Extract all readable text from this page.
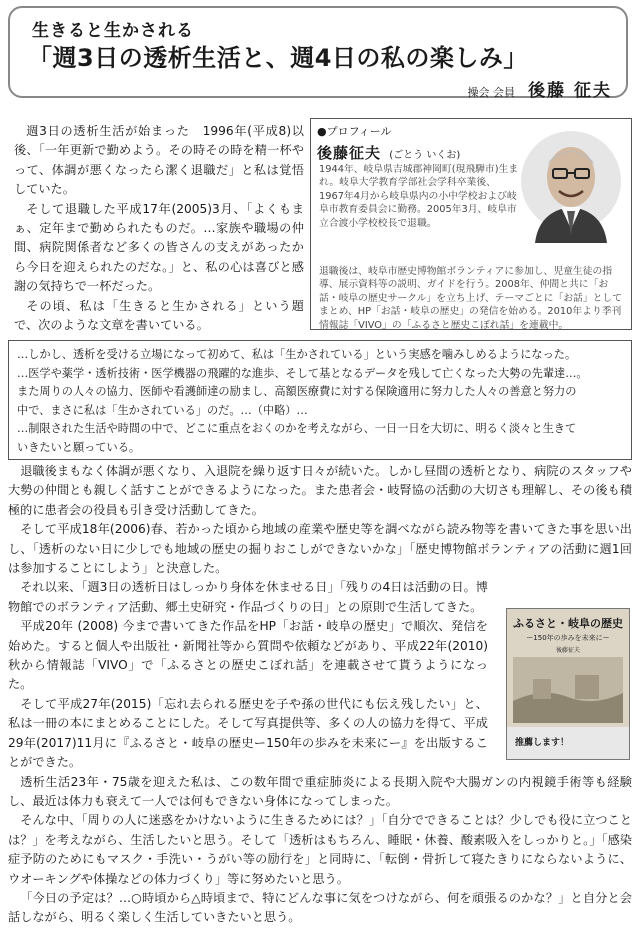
生きると生かされる
「週3日の透析生活と、週4日の私の楽しみ」
操会 会員 後藤 征夫

週3日の透析生活が始まった　1996年(平成8)以後、「一年更新で勤めよう。その時その時を精一杯やって、体調が悪くなったら潔く退職だ」と私は覚悟していた。

そして退職した平成17年(2005)3月、「よくもまぁ、定年まで勤められたものだ。…家族や職場の仲間、病院関係者など多くの皆さんの支えがあったから今日を迎えられたのだな。」と、私の心は喜びと感謝の気持ちで一杯だった。

その頃、私は「生きると生かされる」という題で、次のような文章を書いている。

●プロフィール
後藤征夫 (ごとう いくお)
1944年、岐阜県吉城郡神岡町(現飛騨市)生まれ。岐阜大学教育学部社会学科卒業後、1967年4月から岐阜県内の小中学校および岐阜市教育委員会に勤務。2005年3月、岐阜市立合渡小学校校長で退職。
退職後は、岐阜市歴史博物館ボランティアに参加し、児童生徒の指導、展示資料等の説明、ガイドを行う。2008年、仲間と共に「お話・岐阜の歴史サークル」を立ち上げ、テーマごとに「お話」としてまとめ、HP「お話・岐阜の歴史」の発信を始める。2010年より季刊情報誌「VIVO」の「ふるさと歴史こぼれ話」を連載中。

…しかし、透析を受ける立場になって初めて、私は「生かされている」という実感を噛みしめるようになった。

…医学や薬学・透析技術・医学機器の飛躍的な進歩、そして基となるデータを残して亡くなった大勢の先輩達…。

また周りの人々の協力、医師や看護師達の励まし、高額医療費に対する保険適用に努力した人々の善意と努力の

中で、まさに私は「生かされている」のだ。…（中略）…

…制限された生活や時間の中で、どこに重点をおくのかを考えながら、一日一日を大切に、明るく淡々と生きて

いきたいと願っている。

退職後まもなく体調が悪くなり、入退院を繰り返す日々が続いた。しかし昼間の透析となり、病院のスタッフや大勢の仲間とも親しく話すことができるようになった。また患者会・岐腎協の活動の大切さも理解し、その後も積極的に患者会の役員も引き受け活動してきた。

そして平成18年(2006)春、若かった頃から地域の産業や歴史等を調べながら読み物等を書いてきた事を思い出し、「透析のない日に少しでも地域の歴史の掘りおこしができないかな」「歴史博物館ボランティアの活動に週1回は参加することにしよう」と決意した。

それ以来、「週3日の透析日はしっかり身体を休ませる日」「残りの4日は活動の日。博物館でのボランティア活動、郷土史研究・作品づくりの日」との原則で生活してきた。

平成20年 (2008) 今まで書いてきた作品をHP「お話・岐阜の歴史」で順次、発信を始めた。すると個人や出版社・新聞社等から質問や依頼などがあり、平成22年(2010)秋から情報誌「VIVO」で「ふるさとの歴史こぼれ話」を連載させて貰うようになった。

そして平成27年(2015)「忘れ去られる歴史を子や孫の世代にも伝え残したい」と、私は一冊の本にまとめることにした。そして写真提供等、多くの人の協力を得て、平成29年(2017)11月に『ふるさと・岐阜の歴史ー150年の歩みを未来にー』を出版することができた。

透析生活23年・75歳を迎えた私は、この数年間で重症肺炎による長期入院や大腸ガンの内視鏡手術等も経験し、最近は体力も衰えて一人では何もできない身体になってしまった。

そんな中、「周りの人に迷惑をかけないように生きるためには？」「自分でできることは？少しでも役に立つことは？」を考えながら、生活したいと思う。そして「透析はもちろん、睡眠・休養、酸素吸入をしっかりと。」「感染症予防のためにもマスク・手洗い・うがい等の励行を」と同時に、「転倒・骨折して寝たきりにならないように、ウオーキングや体操などの体力づくり」等に努めたいと思う。

「今日の予定は？…○時頃から△時頃まで、特にどんな事に気をつけながら、何を頑張るのかな？」と自分と会話しながら、明るく楽しく生活していきたいと思う。

ふるさと・岐阜の歴史
ー150年の歩みを未来にー
後藤征夫
推薦します！
